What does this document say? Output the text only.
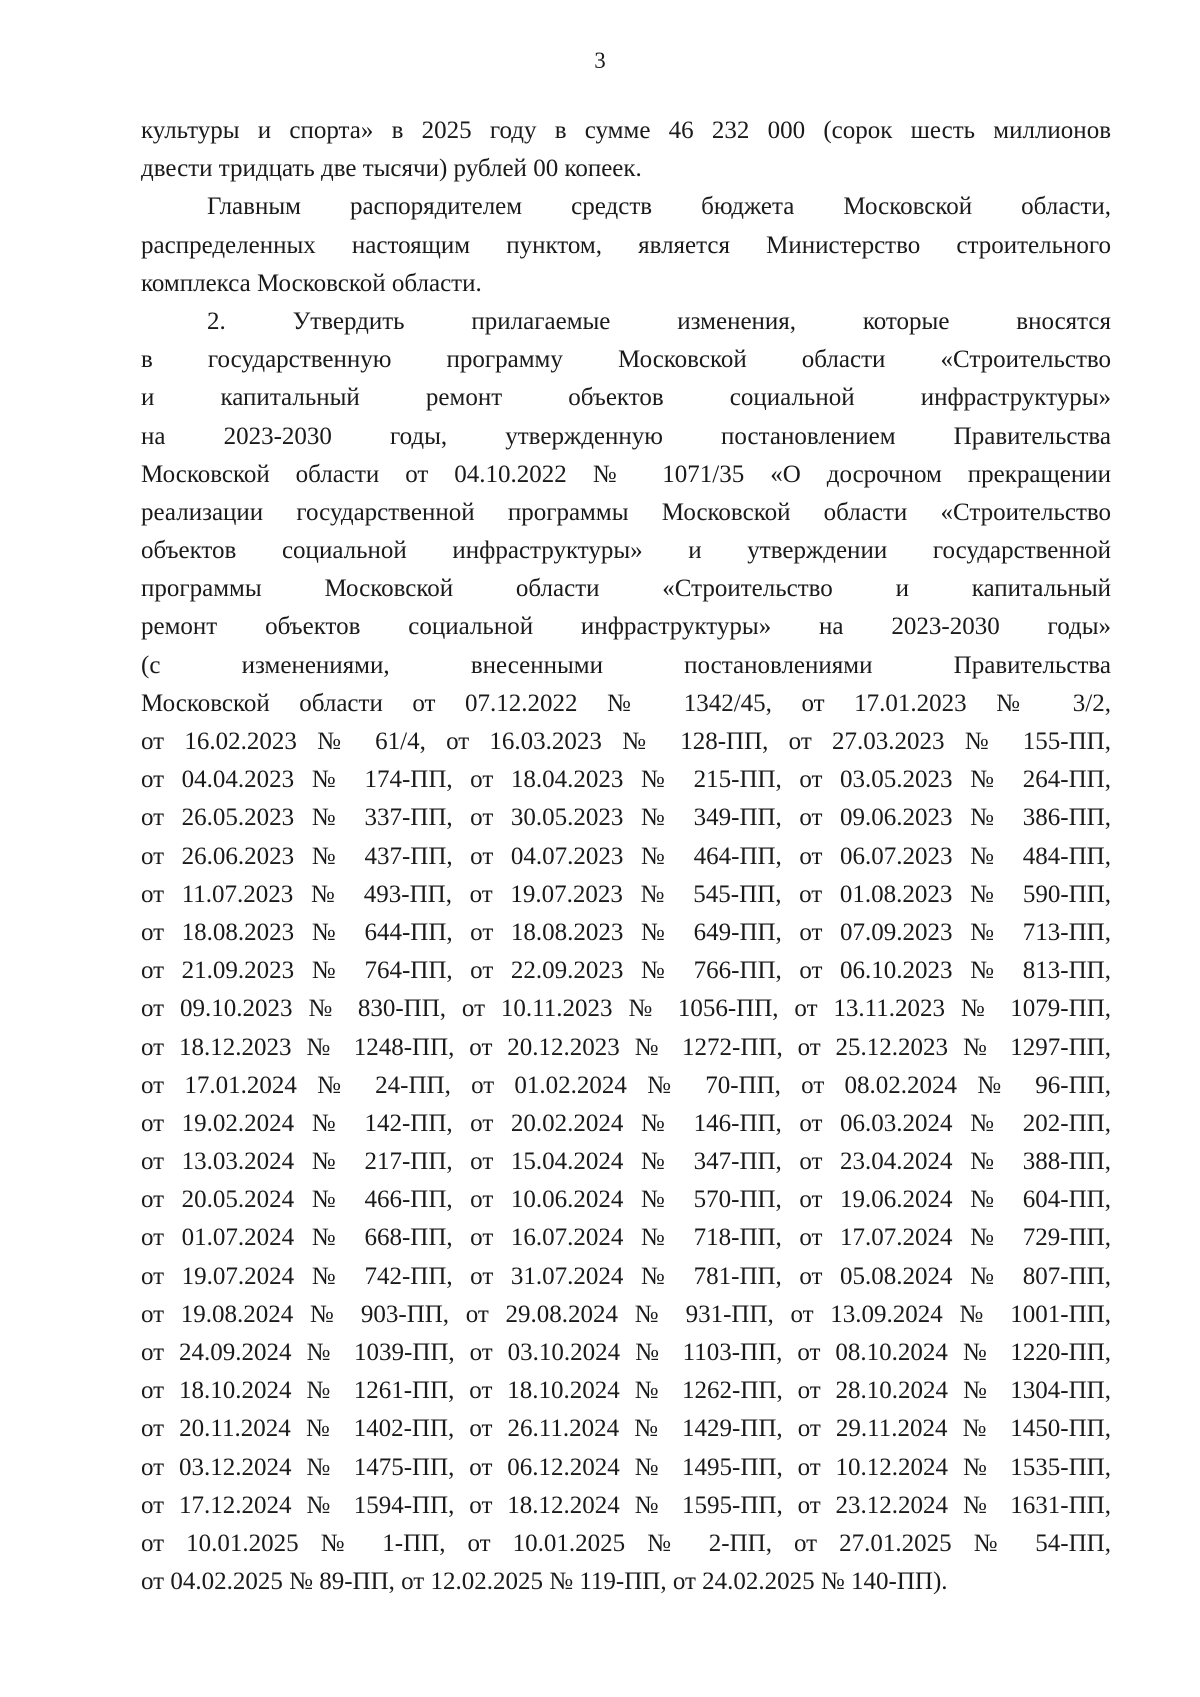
3
культуры и спорта» в 2025 году в сумме 46 232 000 (сорок шесть миллионов
двести тридцать две тысячи) рублей 00 копеек.
Главным распорядителем средств бюджета Московской области,
распределенных настоящим пунктом, является Министерство строительного
комплекса Московской области.
2. Утвердить прилагаемые изменения, которые вносятся
в государственную программу Московской области «Строительство
и капитальный ремонт объектов социальной инфраструктуры»
на 2023-2030 годы, утвержденную постановлением Правительства
Московской области от 04.10.2022 № 1071/35 «О досрочном прекращении
реализации государственной программы Московской области «Строительство
объектов социальной инфраструктуры» и утверждении государственной
программы Московской области «Строительство и капитальный
ремонт объектов социальной инфраструктуры» на 2023-2030 годы»
(с изменениями, внесенными постановлениями Правительства
Московской области от 07.12.2022 № 1342/45, от 17.01.2023 № 3/2,
от 16.02.2023 № 61/4, от 16.03.2023 № 128-ПП, от 27.03.2023 № 155-ПП,
от 04.04.2023 № 174-ПП, от 18.04.2023 № 215-ПП, от 03.05.2023 № 264-ПП,
от 26.05.2023 № 337-ПП, от 30.05.2023 № 349-ПП, от 09.06.2023 № 386-ПП,
от 26.06.2023 № 437-ПП, от 04.07.2023 № 464-ПП, от 06.07.2023 № 484-ПП,
от 11.07.2023 № 493-ПП, от 19.07.2023 № 545-ПП, от 01.08.2023 № 590-ПП,
от 18.08.2023 № 644-ПП, от 18.08.2023 № 649-ПП, от 07.09.2023 № 713-ПП,
от 21.09.2023 № 764-ПП, от 22.09.2023 № 766-ПП, от 06.10.2023 № 813-ПП,
от 09.10.2023 № 830-ПП, от 10.11.2023 № 1056-ПП, от 13.11.2023 № 1079-ПП,
от 18.12.2023 № 1248-ПП, от 20.12.2023 № 1272-ПП, от 25.12.2023 № 1297-ПП,
от 17.01.2024 № 24-ПП, от 01.02.2024 № 70-ПП, от 08.02.2024 № 96-ПП,
от 19.02.2024 № 142-ПП, от 20.02.2024 № 146-ПП, от 06.03.2024 № 202-ПП,
от 13.03.2024 № 217-ПП, от 15.04.2024 № 347-ПП, от 23.04.2024 № 388-ПП,
от 20.05.2024 № 466-ПП, от 10.06.2024 № 570-ПП, от 19.06.2024 № 604-ПП,
от 01.07.2024 № 668-ПП, от 16.07.2024 № 718-ПП, от 17.07.2024 № 729-ПП,
от 19.07.2024 № 742-ПП, от 31.07.2024 № 781-ПП, от 05.08.2024 № 807-ПП,
от 19.08.2024 № 903-ПП, от 29.08.2024 № 931-ПП, от 13.09.2024 № 1001-ПП,
от 24.09.2024 № 1039-ПП, от 03.10.2024 № 1103-ПП, от 08.10.2024 № 1220-ПП,
от 18.10.2024 № 1261-ПП, от 18.10.2024 № 1262-ПП, от 28.10.2024 № 1304-ПП,
от 20.11.2024 № 1402-ПП, от 26.11.2024 № 1429-ПП, от 29.11.2024 № 1450-ПП,
от 03.12.2024 № 1475-ПП, от 06.12.2024 № 1495-ПП, от 10.12.2024 № 1535-ПП,
от 17.12.2024 № 1594-ПП, от 18.12.2024 № 1595-ПП, от 23.12.2024 № 1631-ПП,
от 10.01.2025 № 1-ПП, от 10.01.2025 № 2-ПП, от 27.01.2025 № 54-ПП,
от 04.02.2025 № 89-ПП, от 12.02.2025 № 119-ПП, от 24.02.2025 № 140-ПП).
